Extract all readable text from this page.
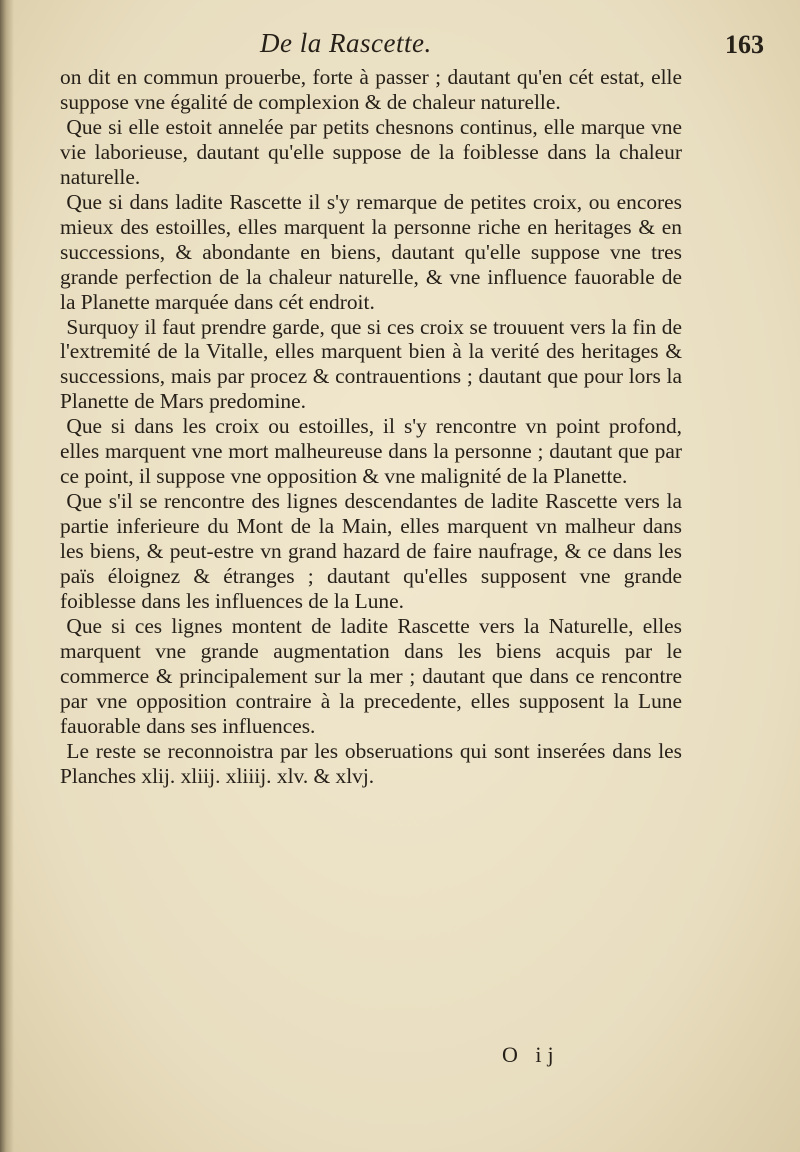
De la Rascette.	163

on dit en commun prouerbe, forte à passer ; dautant qu'en cét estat, elle suppose vne égalité de complexion & de chaleur naturelle.

Que si elle estoit annelée par petits chesnons continus, elle marque vne vie laborieuse, dautant qu'elle suppose de la foiblesse dans la chaleur naturelle.

Que si dans ladite Rascette il s'y remarque de petites croix, ou encores mieux des estoilles, elles marquent la personne riche en heritages & en successions, & abondante en biens, dautant qu'elle suppose vne tres grande perfection de la chaleur naturelle, & vne influence fauorable de la Planette marquée dans cét endroit.

Surquoy il faut prendre garde, que si ces croix se trouuent vers la fin de l'extremité de la Vitalle, elles marquent bien à la verité des heritages & successions, mais par procez & contrauentions ; dautant que pour lors la Planette de Mars predomine.

Que si dans les croix ou estoilles, il s'y rencontre vn point profond, elles marquent vne mort malheureuse dans la personne ; dautant que par ce point, il suppose vne opposition & vne malignité de la Planette.

Que s'il se rencontre des lignes descendantes de ladite Rascette vers la partie inferieure du Mont de la Main, elles marquent vn malheur dans les biens, & peut-estre vn grand hazard de faire naufrage, & ce dans les païs éloignez & étranges ; dautant qu'elles supposent vne grande foiblesse dans les influences de la Lune.

Que si ces lignes montent de ladite Rascette vers la Naturelle, elles marquent vne grande augmentation dans les biens acquis par le commerce & principalement sur la mer ; dautant que dans ce rencontre par vne opposition contraire à la precedente, elles supposent la Lune fauorable dans ses influences.

Le reste se reconnoistra par les obseruations qui sont inserées dans les Planches xlij. xliij. xliiij. xlv. & xlvj.

O ij
